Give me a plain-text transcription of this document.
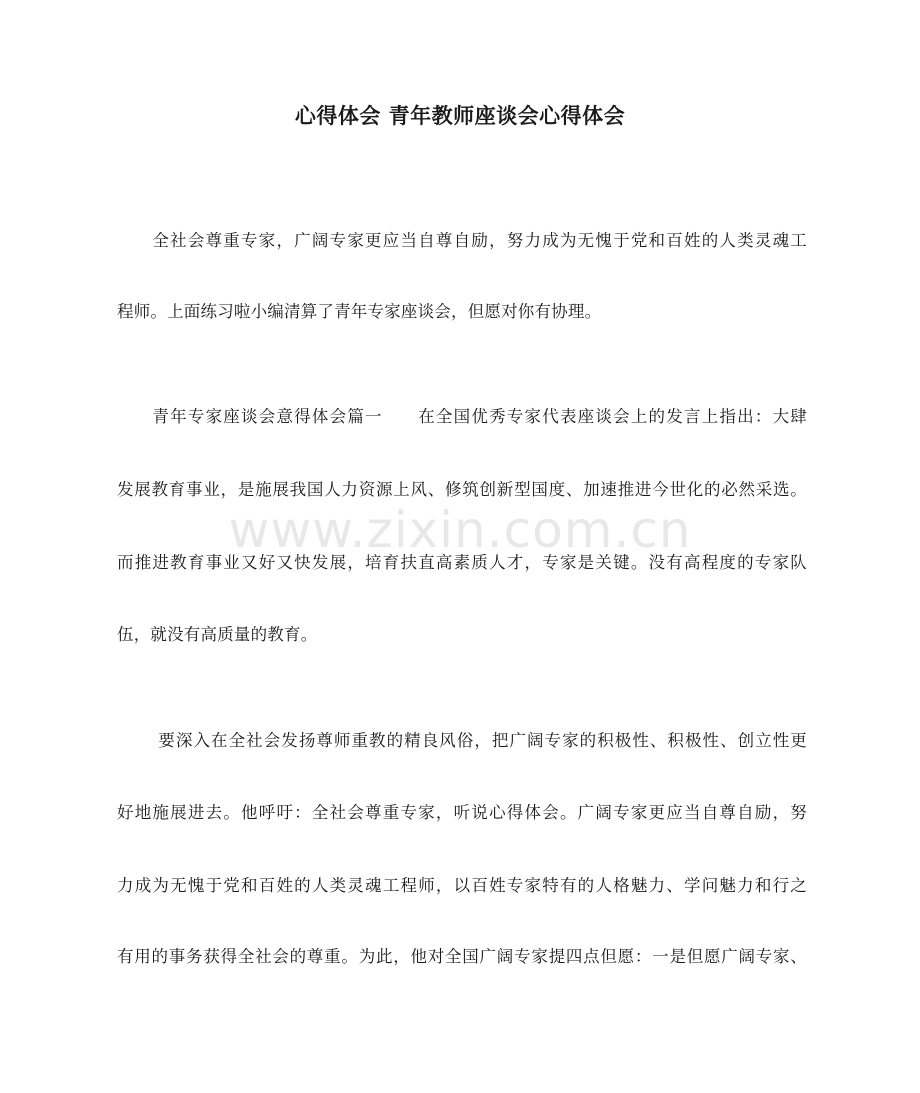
心得体会 青年教师座谈会心得体会
　　全社会尊重专家，广阔专家更应当自尊自励，努力成为无愧于党和百姓的人类灵魂工
程师。上面练习啦小编清算了青年专家座谈会，但愿对你有协理。
　　青年专家座谈会意得体会篇一　　在全国优秀专家代表座谈会上的发言上指出：大肆
发展教育事业，是施展我国人力资源上风、修筑创新型国度、加速推进今世化的必然采选。
而推进教育事业又好又快发展，培育扶直高素质人才，专家是关键。没有高程度的专家队
伍，就没有高质量的教育。
　　 要深入在全社会发扬尊师重教的精良风俗，把广阔专家的积极性、积极性、创立性更
好地施展进去。他呼吁：全社会尊重专家，听说心得体会。广阔专家更应当自尊自励，努
力成为无愧于党和百姓的人类灵魂工程师，以百姓专家特有的人格魅力、学问魅力和行之
有用的事务获得全社会的尊重。为此，他对全国广阔专家提四点但愿：一是但愿广阔专家、
www.zixin.com.cn
